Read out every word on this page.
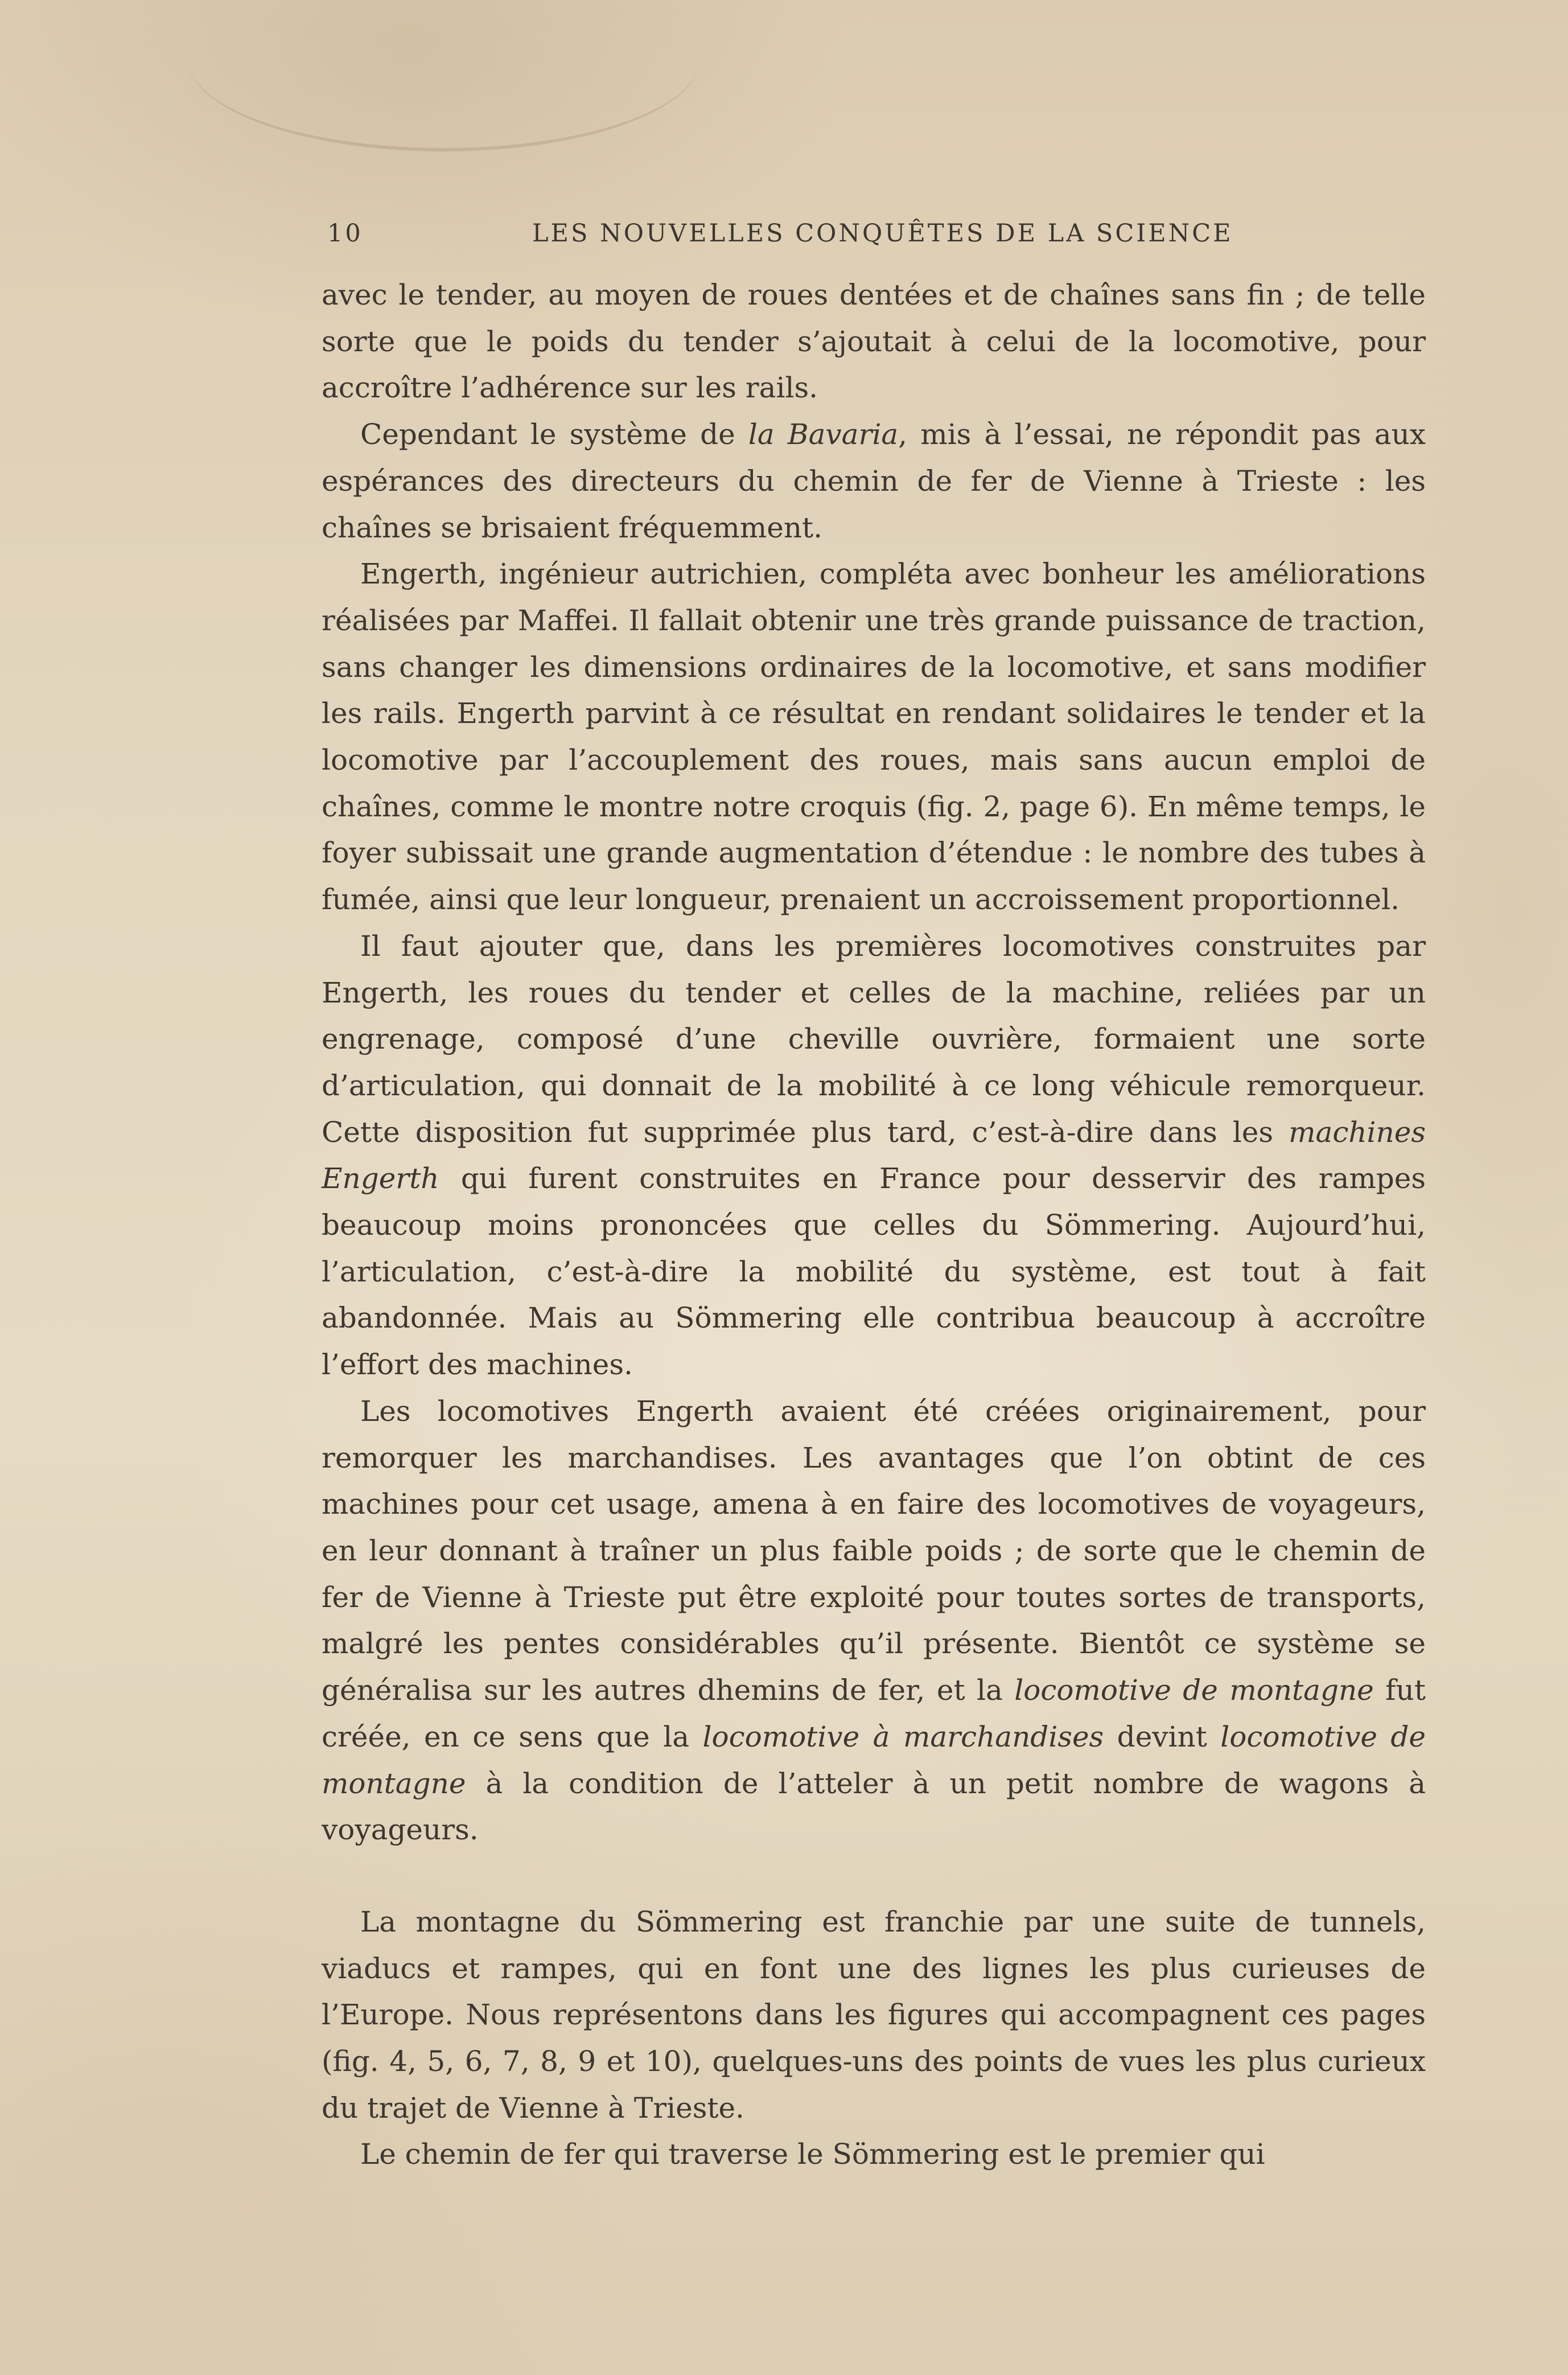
10	LES NOUVELLES CONQUÊTES DE LA SCIENCE

avec le tender, au moyen de roues dentées et de chaînes sans fin ; de telle sorte que le poids du tender s’ajoutait à celui de la locomotive, pour accroître l’adhérence sur les rails.

Cependant le système de la Bavaria, mis à l’essai, ne répondit pas aux espérances des directeurs du chemin de fer de Vienne à Trieste : les chaînes se brisaient fréquemment.

Engerth, ingénieur autrichien, compléta avec bonheur les améliorations réalisées par Maffei. Il fallait obtenir une très grande puissance de traction, sans changer les dimensions ordinaires de la locomotive, et sans modifier les rails. Engerth parvint à ce résultat en rendant solidaires le tender et la locomotive par l’accouplement des roues, mais sans aucun emploi de chaînes, comme le montre notre croquis (fig. 2, page 6). En même temps, le foyer subissait une grande augmentation d’étendue : le nombre des tubes à fumée, ainsi que leur longueur, prenaient un accroissement proportionnel.

Il faut ajouter que, dans les premières locomotives construites par Engerth, les roues du tender et celles de la machine, reliées par un engrenage, composé d’une cheville ouvrière, formaient une sorte d’articulation, qui donnait de la mobilité à ce long véhicule remorqueur. Cette disposition fut supprimée plus tard, c’est-à-dire dans les machines Engerth qui furent construites en France pour desservir des rampes beaucoup moins prononcées que celles du Sömmering. Aujourd’hui, l’articulation, c’est-à-dire la mobilité du système, est tout à fait abandonnée. Mais au Sömmering elle contribua beaucoup à accroître l’effort des machines.

Les locomotives Engerth avaient été créées originairement, pour remorquer les marchandises. Les avantages que l’on obtint de ces machines pour cet usage, amena à en faire des locomotives de voyageurs, en leur donnant à traîner un plus faible poids ; de sorte que le chemin de fer de Vienne à Trieste put être exploité pour toutes sortes de transports, malgré les pentes considérables qu’il présente. Bientôt ce système se généralisa sur les autres dhemins de fer, et la locomotive de montagne fut créée, en ce sens que la locomotive à marchandises devint locomotive de montagne à la condition de l’atteler à un petit nombre de wagons à voyageurs.

La montagne du Sömmering est franchie par une suite de tunnels, viaducs et rampes, qui en font une des lignes les plus curieuses de l’Europe. Nous représentons dans les figures qui accompagnent ces pages (fig. 4, 5, 6, 7, 8, 9 et 10), quelques-uns des points de vues les plus curieux du trajet de Vienne à Trieste.

Le chemin de fer qui traverse le Sömmering est le premier qui
